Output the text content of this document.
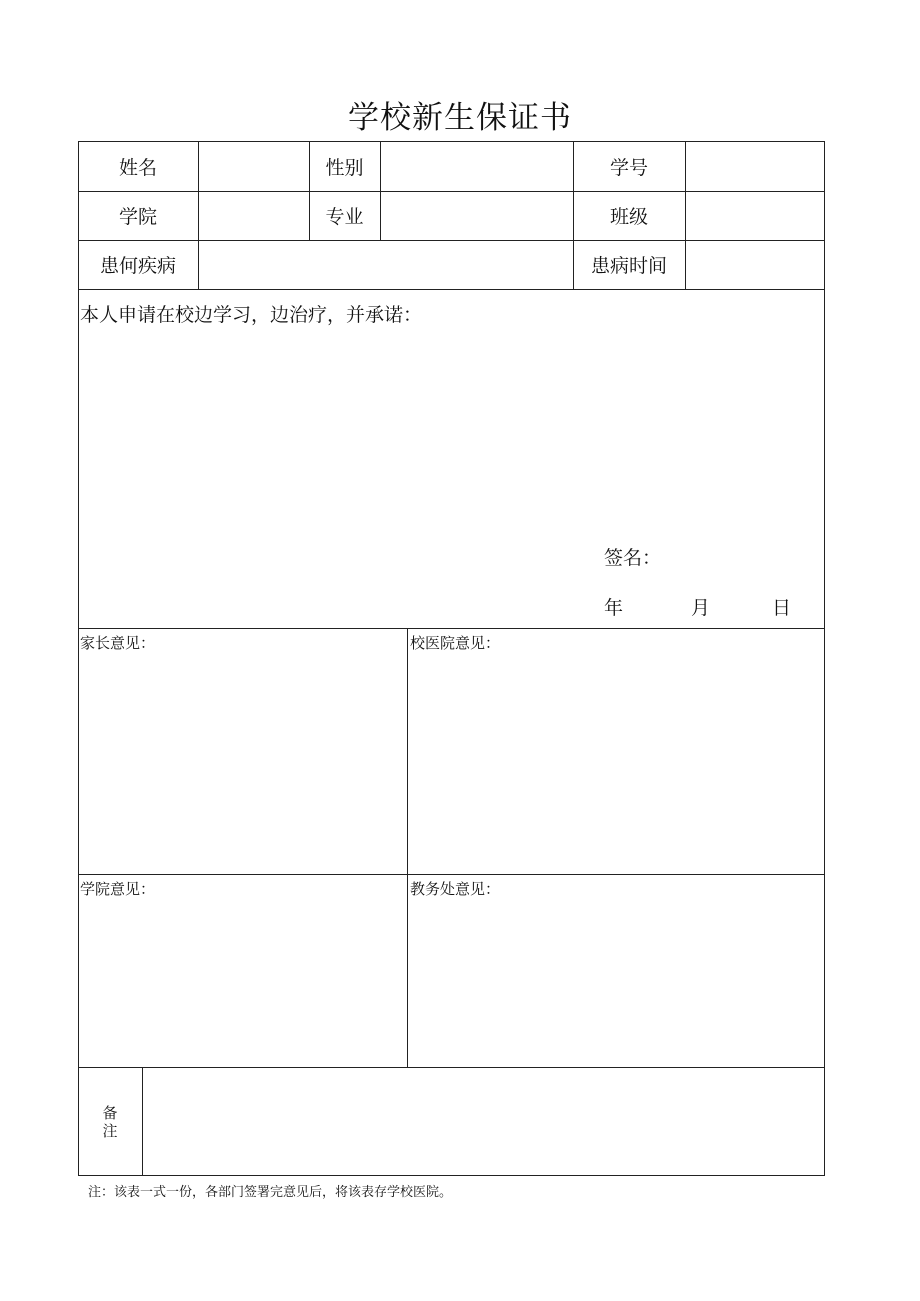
学校新生保证书
姓名	性别	学号
学院	专业	班级
患何疾病	患病时间
本人申请在校边学习，边治疗，并承诺：
签名：
年	月	日
家长意见：	校医院意见：
学院意见：	教务处意见：
备
注
注：该表一式一份，各部门签署完意见后，将该表存学校医院。
